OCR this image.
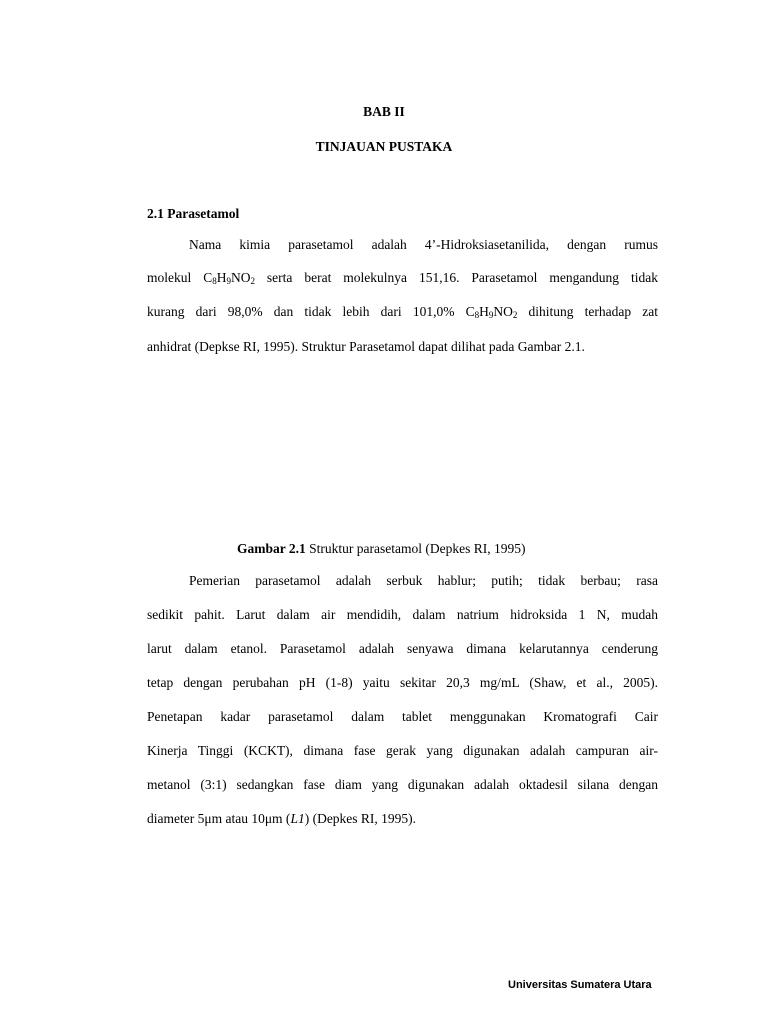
BAB II
TINJAUAN PUSTAKA
2.1 Parasetamol
Nama kimia parasetamol adalah 4’-Hidroksiasetanilida, dengan rumus
molekul $C_8H_9NO_2$ serta berat molekulnya 151,16. Parasetamol mengandung tidak
kurang dari 98,0% dan tidak lebih dari 101,0% $C_8H_9NO_2$ dihitung terhadap zat
anhidrat (Depkse RI, 1995). Struktur Parasetamol dapat dilihat pada Gambar 2.1.
Gambar 2.1 Struktur parasetamol (Depkes RI, 1995)
Pemerian parasetamol adalah serbuk hablur; putih; tidak berbau; rasa
sedikit pahit. Larut dalam air mendidih, dalam natrium hidroksida 1 N, mudah
larut dalam etanol. Parasetamol adalah senyawa dimana kelarutannya cenderung
tetap dengan perubahan pH (1-8) yaitu sekitar 20,3 mg/mL (Shaw, et al., 2005).
Penetapan kadar parasetamol dalam tablet menggunakan Kromatografi Cair
Kinerja Tinggi (KCKT), dimana fase gerak yang digunakan adalah campuran air-
metanol (3:1) sedangkan fase diam yang digunakan adalah oktadesil silana dengan
diameter 5μm atau 10μm (L1) (Depkes RI, 1995).
Universitas Sumatera Utara
